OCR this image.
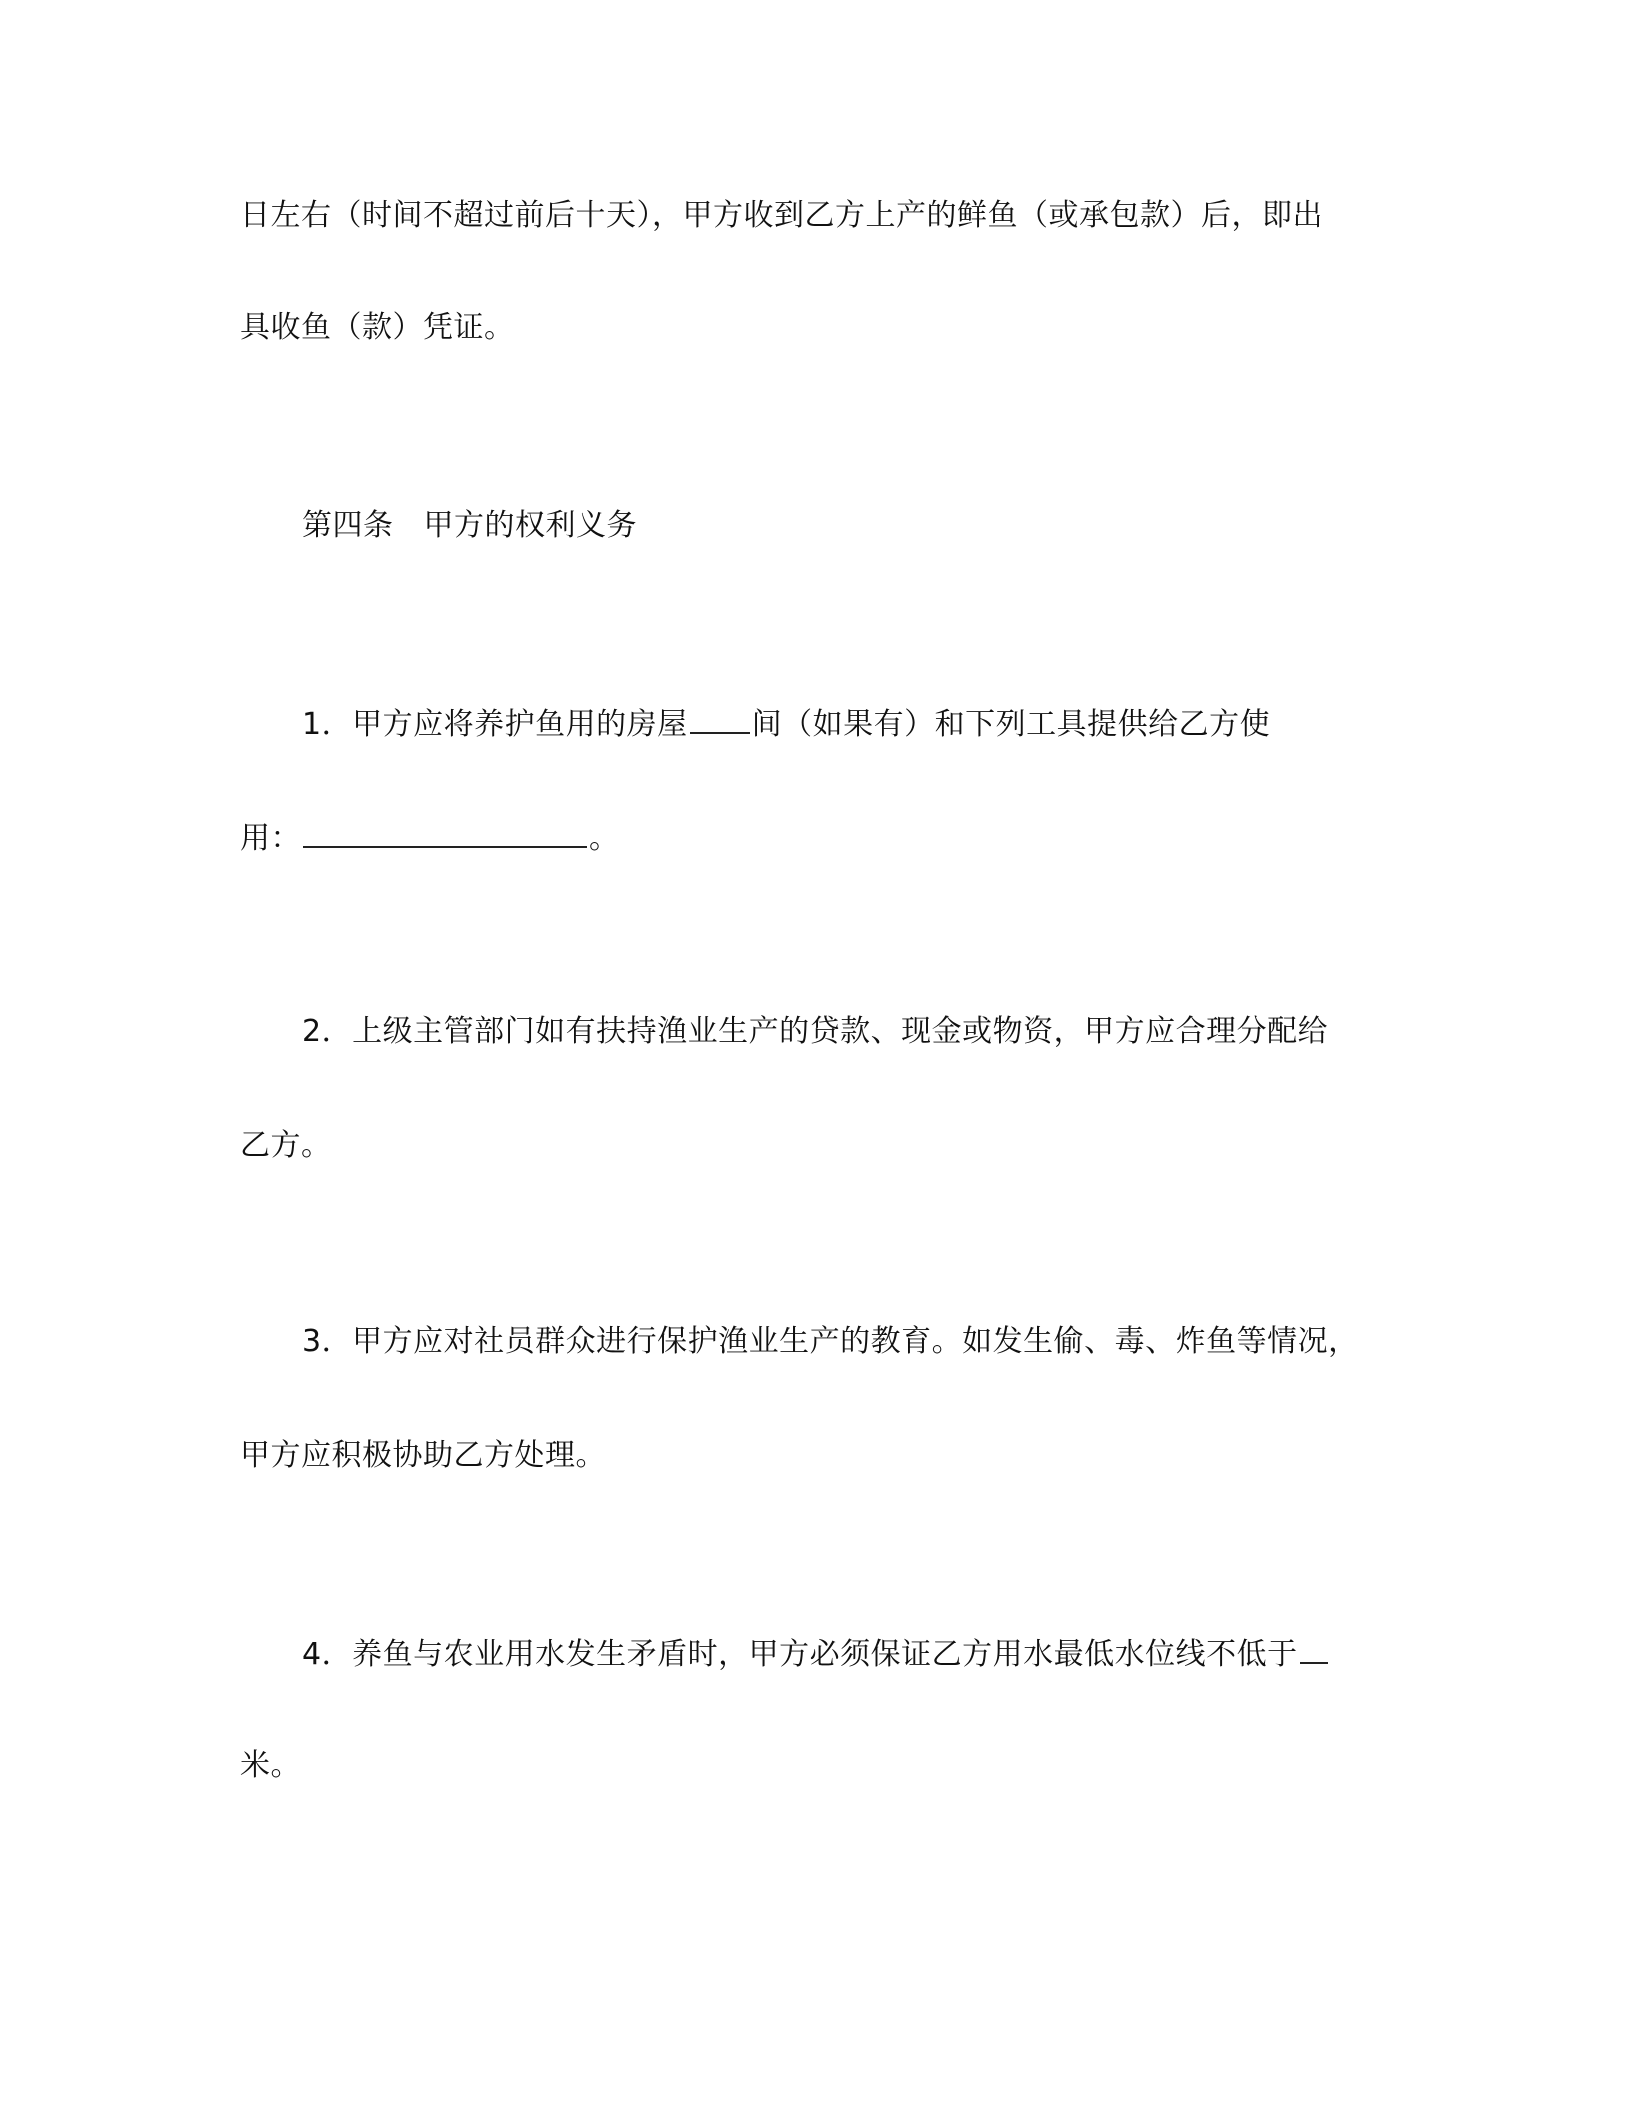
日左右（时间不超过前后十天），甲方收到乙方上产的鲜鱼（或承包款）后，即出
具收鱼（款）凭证。
第四条 甲方的权利义务
1．甲方应将养护鱼用的房屋 间（如果有）和下列工具提供给乙方使
用：	。
2．上级主管部门如有扶持渔业生产的贷款、现金或物资，甲方应合理分配给
乙方。
3．甲方应对社员群众进行保护渔业生产的教育。如发生偷、毒、炸鱼等情况，
甲方应积极协助乙方处理。
4．养鱼与农业用水发生矛盾时，甲方必须保证乙方用水最低水位线不低于
米。
